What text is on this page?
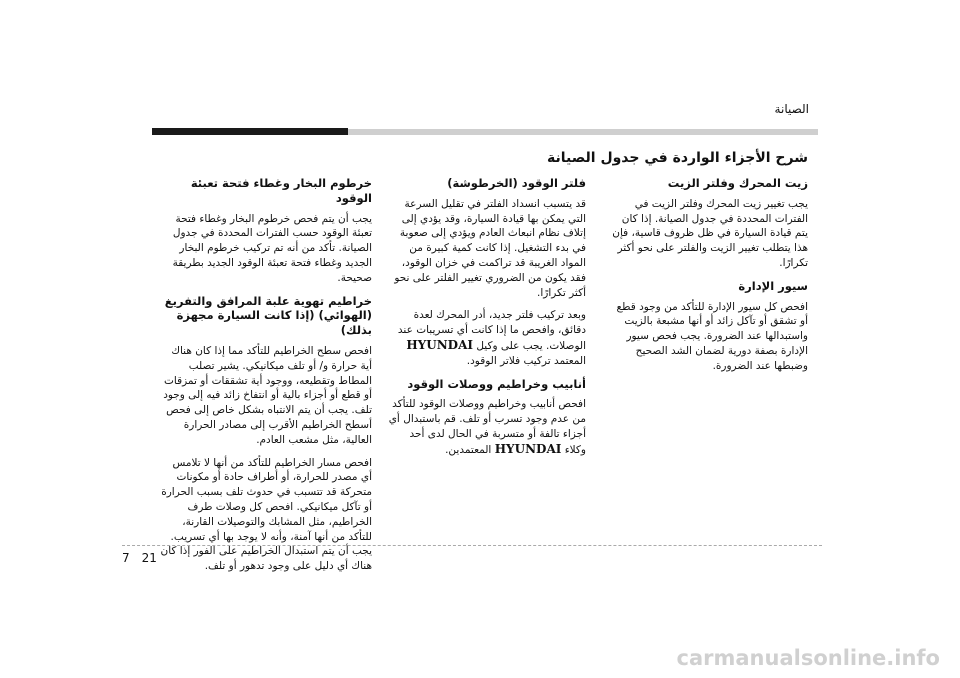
الصيانة
شرح الأجزاء الواردة في جدول الصيانة
زيت المحرك وفلتر الزيت

يجب تغيير زيت المحرك وفلتر الزيت في الفترات المحددة في جدول الصيانة. إذا كان يتم قيادة السيارة في ظل ظروف قاسية، فإن هذا يتطلب تغيير الزيت والفلتر على نحو أكثر تكرارًا.

سيور الإدارة

افحص كل سيور الإدارة للتأكد من وجود قطع أو تشقق أو تآكل زائد أو أنها مشبعة بالزيت واستبدالها عند الضرورة. يجب فحص سيور الإدارة بصفة دورية لضمان الشد الصحيح وضبطها عند الضرورة.

فلتر الوقود (الخرطوشة)

قد يتسبب انسداد الفلتر في تقليل السرعة التي يمكن بها قيادة السيارة، وقد يؤدي إلى إتلاف نظام انبعاث العادم ويؤدي إلى صعوبة في بدء التشغيل. إذا كانت كمية كبيرة من المواد الغريبة قد تراكمت في خزان الوقود، فقد يكون من الضروري تغيير الفلتر على نحو أكثر تكرارًا.

وبعد تركيب فلتر جديد، أدر المحرك لعدة دقائق، وافحص ما إذا كانت أي تسريبات عند الوصلات. يجب على وكيل HYUNDAI المعتمد تركيب فلاتر الوقود.

أنابيب وخراطيم ووصلات الوقود

افحص أنابيب وخراطيم ووصلات الوقود للتأكد من عدم وجود تسرب أو تلف. قم باستبدال أي أجزاء تالفة أو متسربة في الحال لدى أحد وكلاء HYUNDAI المعتمدين.

خرطوم البخار وغطاء فتحة تعبئة الوقود

يجب أن يتم فحص خرطوم البخار وغطاء فتحة تعبئة الوقود حسب الفترات المحددة في جدول الصيانة. تأكد من أنه تم تركيب خرطوم البخار الجديد وغطاء فتحة تعبئة الوقود الجديد بطريقة صحيحة.

خراطيم تهوية علبة المرافق والتفريغ (الهوائي) (إذا كانت السيارة مجهزة بذلك)

افحص سطح الخراطيم للتأكد مما إذا كان هناك أية حرارة و/ أو تلف ميكانيكي. يشير تصلب المطاط وتقطيعه، ووجود أية تشققات أو تمزقات أو قطع أو أجزاء بالية أو انتفاخ زائد فيه إلى وجود تلف. يجب أن يتم الانتباه بشكل خاص إلى فحص أسطح الخراطيم الأقرب إلى مصادر الحرارة العالية، مثل مشعب العادم.

افحص مسار الخراطيم للتأكد من أنها لا تلامس أي مصدر للحرارة، أو أطراف حادة أو مكونات متحركة قد تتسبب في حدوث تلف بسبب الحرارة أو تآكل ميكانيكي. افحص كل وصلات طرف الخراطيم، مثل المشابك والتوصيلات القارنة، للتأكد من أنها آمنة، وأنه لا يوجد بها أي تسريب. يجب أن يتم استبدال الخراطيم على الفور إذا كان هناك أي دليل على وجود تدهور أو تلف.

7 21
carmanualsonline.info
